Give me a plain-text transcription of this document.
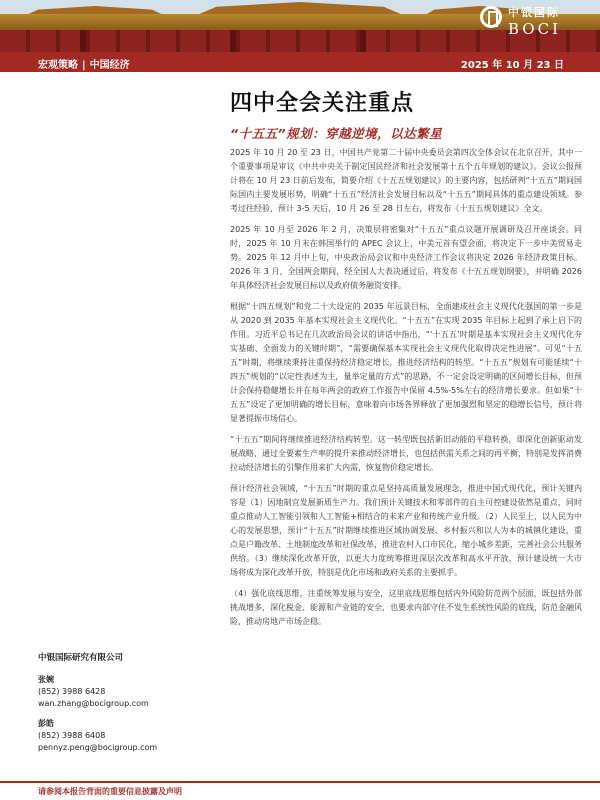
中银国际
BOCI
宏观策略 | 中国经济	2025 年 10 月 23 日
四中全会关注重点
“十五五”规划：穿越逆境，以达繁星

2025 年 10 月 20 至 23 日，中国共产党第二十届中央委员会第四次全体会议在北京召开，其中一个重要事项是审议《中共中央关于制定国民经济和社会发展第十五个五年规划的建议》。会议公报预计将在 10 月 23 日前后发布，简要介绍《十五五规划建议》的主要内容，包括研判“十五五”期间国际国内主要发展形势，明确“十五五”经济社会发展目标以及“十五五”期间具体的重点建设领域。参考过往经验，预计 3-5 天后，10 月 26 至 28 日左右，将发布《十五五规划建议》全文。

2025 年 10 月至 2026 年 2 月，决策层将密集对“十五五”重点议题开展调研及召开座谈会。同时，2025 年 10 月末在韩国举行的 APEC 会议上，中美元首有望会面，将决定下一步中美贸易走势。2025 年 12 月中上旬，中央政治局会议和中央经济工作会议将决定 2026 年经济政策目标。2026 年 3 月，全国两会期间，经全国人大表决通过后，将发布《十五五规划纲要》，并明确 2026 年具体经济社会发展目标以及政府债务融资安排。

根据“十四五规划”和党二十大设定的 2035 年远景目标，全面建成社会主义现代化强国的第一步是从 2020 到 2035 年基本实现社会主义现代化。“十五五”在实现 2035 年目标上起到了承上启下的作用。习近平总书记在几次政治局会议的讲话中指出，“‘十五五’时期是基本实现社会主义现代化夯实基础、全面发力的关键时期”，“需要确保基本实现社会主义现代化取得决定性进展”。可见“十五五”时期，将继续秉持注重保持经济稳定增长，推进经济结构的转型。“十五五”规划有可能延续“十四五”规划的“以定性表述为主，量举定量的方式”的思路，不一定会设定明确的区间增长目标，但预计会保持稳健增长并在每年两会的政府工作报告中保留 4.5%-5%左右的经济增长要求。但如果“十五五”设定了更加明确的增长目标，意味着向市场各界释放了更加强烈和坚定的稳增长信号，预计将显著提振市场信心。

“十五五”期间将继续推进经济结构转型。这一转型既包括新旧动能的平稳转换，即深化创新驱动发展战略，通过全要素生产率的提升来推动经济增长，也包括供需关系之间的再平衡，特别是发挥消费拉动经济增长的引擎作用来扩大内需，恢复物价稳定增长。

预计经济社会领域，“十五五”时期的重点是坚持高质量发展理念，推进中国式现代化，预计关键内容是（1）因地制宜发展新质生产力。我们预计关键技术和零部件的自主可控建设依然是重点，同时重点推动人工智能引领和人工智能+相结合的未来产业和传统产业升级。（2）人民至上，以人民为中心的发展思想，预计“十五五”时期继续推进区域协调发展、乡村振兴和以人为本的城镇化建设，重点是户籍改革、土地制度改革和社保改革，推进农村人口市民化，缩小城乡差距，完善社会公共服务供给。（3）继续深化改革开放，以更大力度统筹推进深层次改革和高水平开放，预计建设统一大市场将成为深化改革开放，特别是优化市场和政府关系的主要抓手。

（4）强化底线思维，注重统筹发展与安全，这里底线思维包括内外风险防范两个层面，既包括外部挑战增多，深化税金、能源和产业链的安全，也要求内部守住不发生系统性风险的底线，防范金融风险，推动房地产市场企稳。

中银国际研究有限公司
张婉
(852) 3988 6428
wan.zhang@bocigroup.com
彭皓
(852) 3988 6408
pennyz.peng@bocigroup.com
请参阅本报告背面的重要信息披露及声明
